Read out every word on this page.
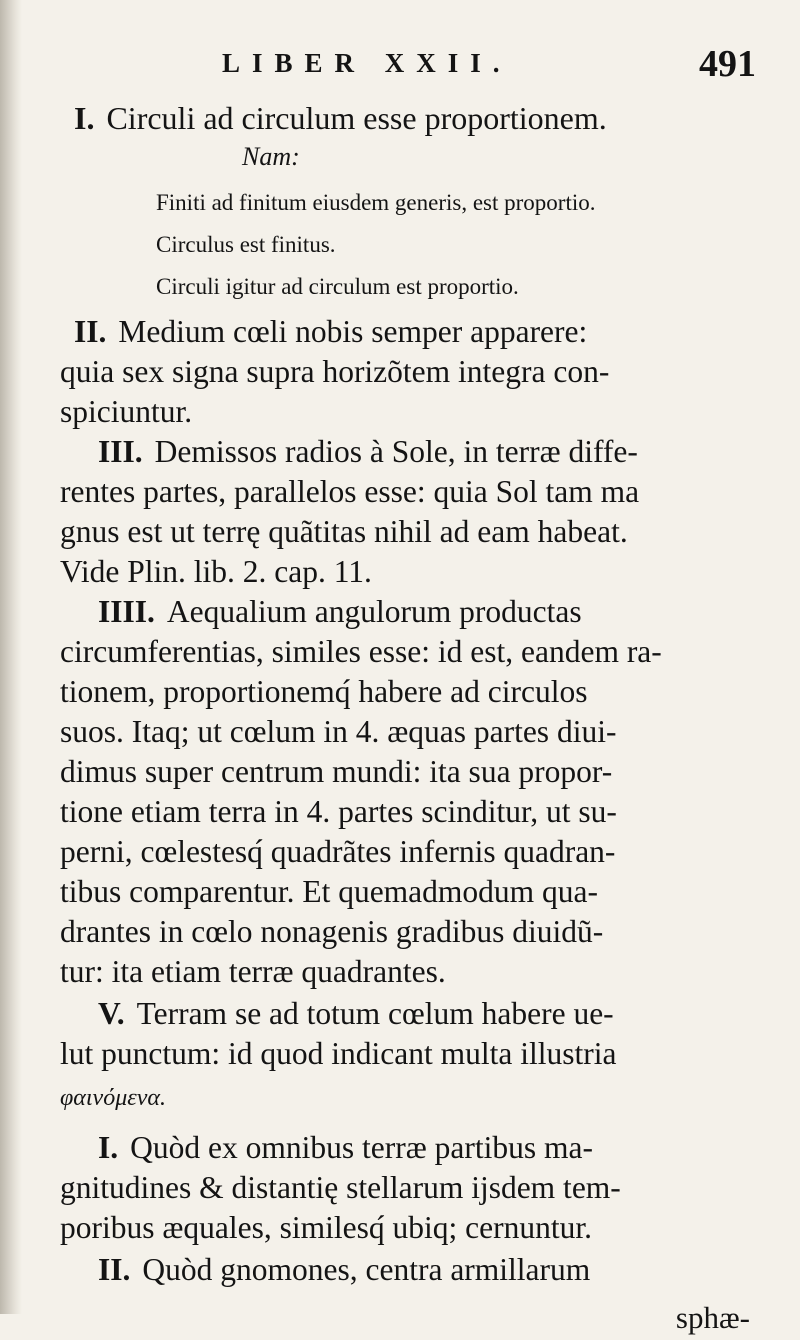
LIBER XXII.	491
I. Circuli ad circulum esse proportionem.
Nam:
Finiti ad finitum eiusdem generis, est proportio.
Circulus est finitus.
Circuli igitur ad circulum est proportio.
II. Medium cœli nobis semper apparere:
quia sex signa supra horizõtem integra con-
spiciuntur.
III. Demissos radios à Sole, in terræ diffe-
rentes partes, parallelos esse: quia Sol tam ma
gnus est ut terrę quãtitas nihil ad eam habeat.
Vide Plin. lib. 2. cap. 11.
IIII. Aequalium angulorum productas
circumferentias, similes esse: id est, eandem ra-
tionem, proportionemq́ habere ad circulos
suos. Itaq; ut cœlum in 4. æquas partes diui-
dimus super centrum mundi: ita sua propor-
tione etiam terra in 4. partes scinditur, ut su-
perni, cœlestesq́ quadrãtes infernis quadran-
tibus comparentur. Et quemadmodum qua-
drantes in cœlo nonagenis gradibus diuidũ-
tur: ita etiam terræ quadrantes.
V. Terram se ad totum cœlum habere ue-
lut punctum: id quod indicant multa illustria
φαινόμενα.
I. Quòd ex omnibus terræ partibus ma-
gnitudines & distantię stellarum ijsdem tem-
poribus æquales, similesq́ ubiq; cernuntur.
II. Quòd gnomones, centra armillarum
sphæ-
